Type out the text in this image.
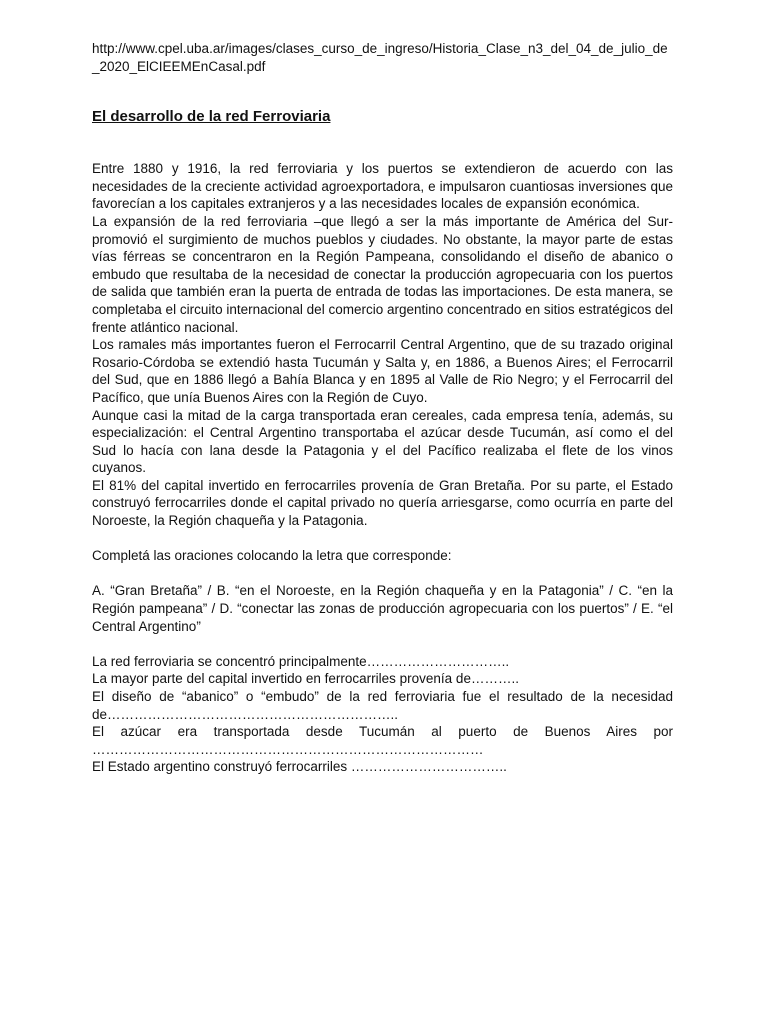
http://www.cpel.uba.ar/images/clases_curso_de_ingreso/Historia_Clase_n3_del_04_de_julio_de_2020_ElCIEEMEnCasal.pdf

El desarrollo de la red Ferroviaria

Entre 1880 y 1916, la red ferroviaria y los puertos se extendieron de acuerdo con las necesidades de la creciente actividad agroexportadora, e impulsaron cuantiosas inversiones que favorecían a los capitales extranjeros y a las necesidades locales de expansión económica.

La expansión de la red ferroviaria –que llegó a ser la más importante de América del Sur- promovió el surgimiento de muchos pueblos y ciudades. No obstante, la mayor parte de estas vías férreas se concentraron en la Región Pampeana, consolidando el diseño de abanico o embudo que resultaba de la necesidad de conectar la producción agropecuaria con los puertos de salida que también eran la puerta de entrada de todas las importaciones. De esta manera, se completaba el circuito internacional del comercio argentino concentrado en sitios estratégicos del frente atlántico nacional.

Los ramales más importantes fueron el Ferrocarril Central Argentino, que de su trazado original Rosario-Córdoba se extendió hasta Tucumán y Salta y, en 1886, a Buenos Aires; el Ferrocarril del Sud, que en 1886 llegó a Bahía Blanca y en 1895 al Valle de Rio Negro; y el Ferrocarril del Pacífico, que unía Buenos Aires con la Región de Cuyo.

Aunque casi la mitad de la carga transportada eran cereales, cada empresa tenía, además, su especialización: el Central Argentino transportaba el azúcar desde Tucumán, así como el del Sud lo hacía con lana desde la Patagonia y el del Pacífico realizaba el flete de los vinos cuyanos.

El 81% del capital invertido en ferrocarriles provenía de Gran Bretaña. Por su parte, el Estado construyó ferrocarriles donde el capital privado no quería arriesgarse, como ocurría en parte del Noroeste, la Región chaqueña y la Patagonia.

Completá las oraciones colocando la letra que corresponde:

A. “Gran Bretaña” / B. “en el Noroeste, en la Región chaqueña y en la Patagonia” / C. “en la Región pampeana” / D. “conectar las zonas de producción agropecuaria con los puertos” / E. “el Central Argentino”

La red ferroviaria se concentró principalmente…………………………..

La mayor parte del capital invertido en ferrocarriles provenía de………..

El diseño de “abanico” o “embudo” de la red ferroviaria fue el resultado de la necesidad de………………………………………………………..

El azúcar era transportada desde Tucumán al puerto de Buenos Aires por ……………………………………………………………………………

El Estado argentino construyó ferrocarriles ……………………………..
